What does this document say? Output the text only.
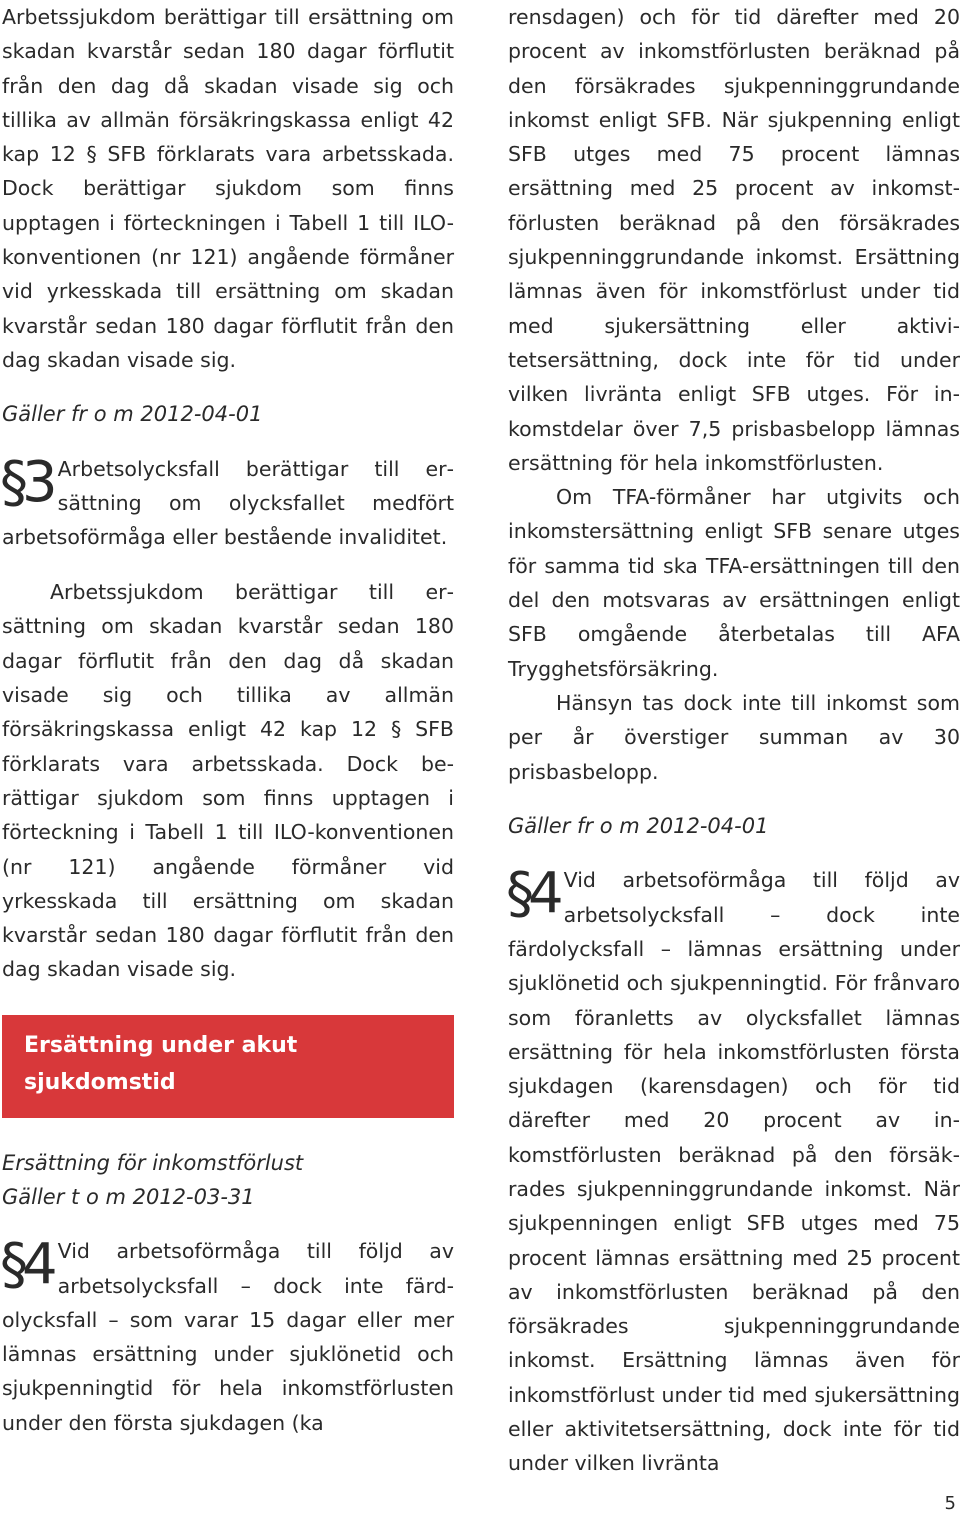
Arbetssjukdom berättigar till ersättning om skadan kvarstår sedan 180 dagar förflutit från den dag då skadan visade sig och tillika av allmän försäkringskassa enligt 42 kap 12 § SFB förklarats vara arbetsskada. Dock berättigar sjukdom som finns upptagen i förteckningen i Tabell 1 till ILO-konventionen (nr 121) angående förmåner vid yrkesskada till ersättning om skadan kvarstår sedan 180 dagar förflutit från den dag skadan visade sig.

Gäller fr o m 2012-04-01

§3 Arbetsolycksfall berättigar till ersättning om olycksfallet medfört arbetsoförmåga eller bestående invaliditet.

Arbetssjukdom berättigar till ersättning om skadan kvarstår sedan 180 dagar förflutit från den dag då skadan visade sig och tillika av allmän försäkringskassa enligt 42 kap 12 § SFB förklarats vara arbetsskada. Dock berättigar sjukdom som finns upptagen i förteckning i Tabell 1 till ILO-konventionen (nr 121) angående förmåner vid yrkesskada till ersättning om skadan kvarstår sedan 180 dagar förflutit från den dag skadan visade sig.

Ersättning under akut sjukdomstid

Ersättning för inkomstförlust

Gäller t o m 2012-03-31

§4 Vid arbetsoförmåga till följd av arbetsolycksfall – dock inte färdolycksfall – som varar 15 dagar eller mer lämnas ersättning under sjuklönetid och sjukpenningtid för hela inkomstförlusten under den första sjukdagen (ka

rensdagen) och för tid därefter med 20 procent av inkomstförlusten beräknad på den försäkrades sjukpenninggrundande inkomst enligt SFB. När sjukpenning enligt SFB utges med 75 procent lämnas ersättning med 25 procent av inkomstförlusten beräknad på den försäkrades sjukpenninggrundande inkomst. Ersättning lämnas även för inkomstförlust under tid med sjukersättning eller aktivitetsersättning, dock inte för tid under vilken livränta enligt SFB utges. För inkomstdelar över 7,5 prisbasbelopp lämnas ersättning för hela inkomstförlusten.

Om TFA-förmåner har utgivits och inkomstersättning enligt SFB senare utges för samma tid ska TFA-ersättningen till den del den motsvaras av ersättningen enligt SFB omgående återbetalas till AFA Trygghetsförsäkring.

Hänsyn tas dock inte till inkomst som per år överstiger summan av 30 prisbasbelopp.

Gäller fr o m 2012-04-01

§4 Vid arbetsoförmåga till följd av arbetsolycksfall – dock inte färdolycksfall – lämnas ersättning under sjuklönetid och sjukpenningtid. För frånvaro som föranletts av olycksfallet lämnas ersättning för hela inkomstförlusten första sjukdagen (karensdagen) och för tid därefter med 20 procent av inkomstförlusten beräknad på den försäkrades sjukpenninggrundande inkomst. När sjukpenningen enligt SFB utges med 75 procent lämnas ersättning med 25 procent av inkomstförlusten beräknad på den försäkrades sjukpenninggrundande inkomst. Ersättning lämnas även för inkomstförlust under tid med sjukersättning eller aktivitetsersättning, dock inte för tid under vilken livränta

5
